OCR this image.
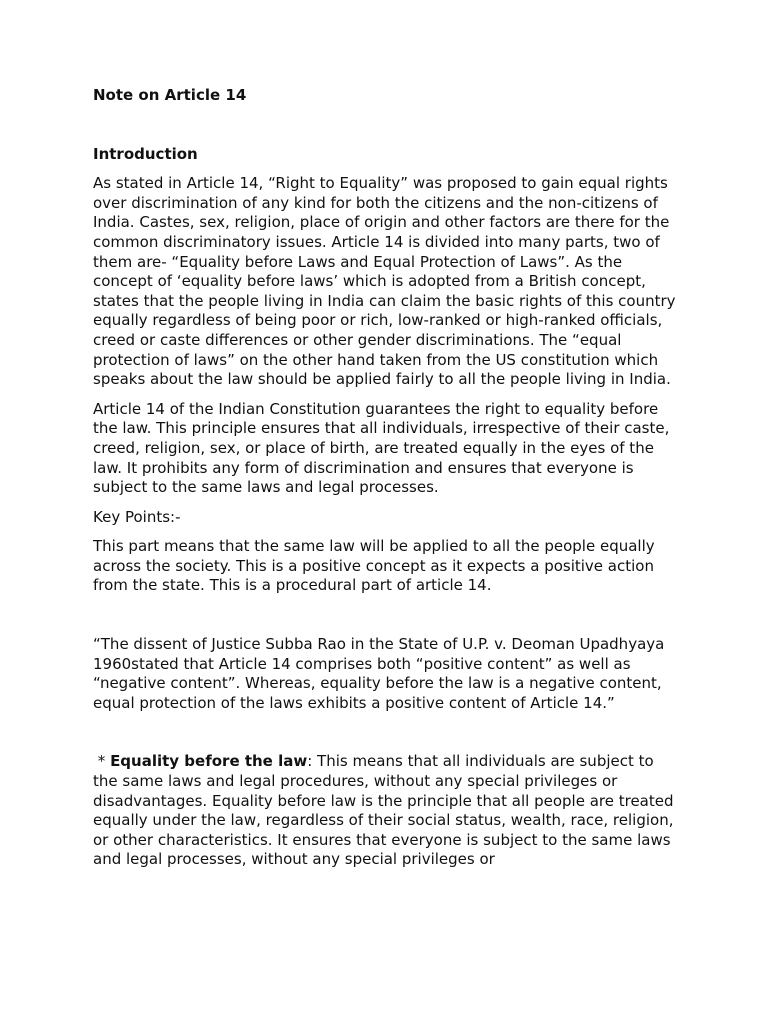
Note on Article 14

Introduction

As stated in Article 14, “Right to Equality” was proposed to gain equal rights over discrimination of any kind for both the citizens and the non-citizens of India. Castes, sex, religion, place of origin and other factors are there for the common discriminatory issues. Article 14 is divided into many parts, two of them are- “Equality before Laws and Equal Protection of Laws”. As the concept of ‘equality before laws’ which is adopted from a British concept, states that the people living in India can claim the basic rights of this country equally regardless of being poor or rich, low-ranked or high-ranked officials, creed or caste differences or other gender discriminations. The “equal protection of laws” on the other hand taken from the US constitution which speaks about the law should be applied fairly to all the people living in India.

Article 14 of the Indian Constitution guarantees the right to equality before the law. This principle ensures that all individuals, irrespective of their caste, creed, religion, sex, or place of birth, are treated equally in the eyes of the law. It prohibits any form of discrimination and ensures that everyone is subject to the same laws and legal processes.

Key Points:-

This part means that the same law will be applied to all the people equally across the society. This is a positive concept as it expects a positive action from the state. This is a procedural part of article 14.

“The dissent of Justice Subba Rao in the State of U.P. v. Deoman Upadhyaya 1960stated that Article 14 comprises both “positive content” as well as “negative content”. Whereas, equality before the law is a negative content, equal protection of the laws exhibits a positive content of Article 14.”

* Equality before the law: This means that all individuals are subject to the same laws and legal procedures, without any special privileges or disadvantages. Equality before law is the principle that all people are treated equally under the law, regardless of their social status, wealth, race, religion, or other characteristics. It ensures that everyone is subject to the same laws and legal processes, without any special privileges or
